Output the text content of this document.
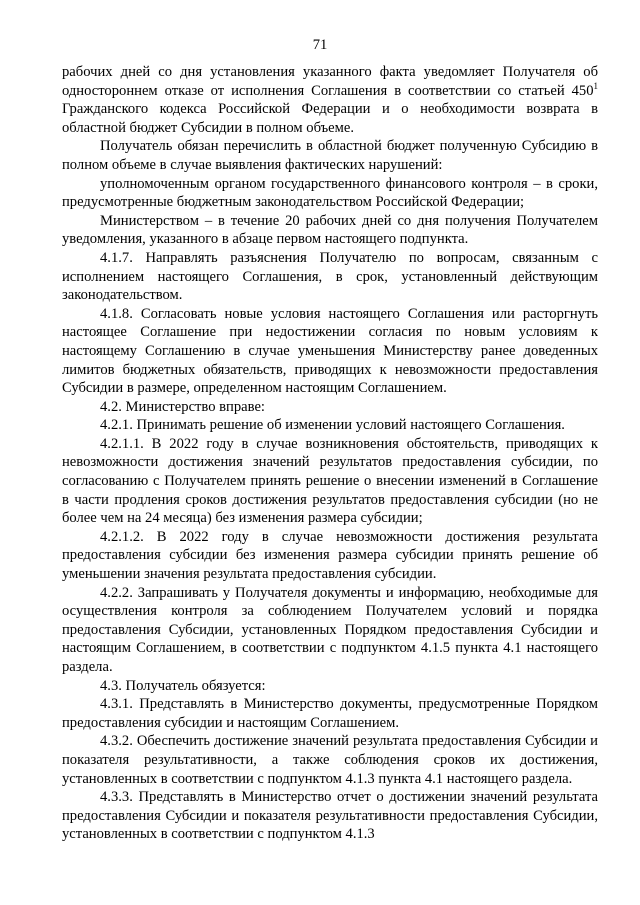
71

рабочих дней со дня установления указанного факта уведомляет Получателя об одностороннем отказе от исполнения Соглашения в соответствии со статьей $450^1$ Гражданского кодекса Российской Федерации и о необходимости возврата в областной бюджет Субсидии в полном объеме.

Получатель обязан перечислить в областной бюджет полученную Субсидию в полном объеме в случае выявления фактических нарушений:

уполномоченным органом государственного финансового контроля – в сроки, предусмотренные бюджетным законодательством Российской Федерации;

Министерством – в течение 20 рабочих дней со дня получения Получателем уведомления, указанного в абзаце первом настоящего подпункта.

4.1.7. Направлять разъяснения Получателю по вопросам, связанным с исполнением настоящего Соглашения, в срок, установленный действующим законодательством.

4.1.8. Согласовать новые условия настоящего Соглашения или расторгнуть настоящее Соглашение при недостижении согласия по новым условиям к настоящему Соглашению в случае уменьшения Министерству ранее доведенных лимитов бюджетных обязательств, приводящих к невозможности предоставления Субсидии в размере, определенном настоящим Соглашением.

4.2. Министерство вправе:

4.2.1. Принимать решение об изменении условий настоящего Соглашения.

4.2.1.1. В 2022 году в случае возникновения обстоятельств, приводящих к невозможности достижения значений результатов предоставления субсидии, по согласованию с Получателем принять решение о внесении изменений в Соглашение в части продления сроков достижения результатов предоставления субсидии (но не более чем на 24 месяца) без изменения размера субсидии;

4.2.1.2. В 2022 году в случае невозможности достижения результата предоставления субсидии без изменения размера субсидии принять решение об уменьшении значения результата предоставления субсидии.

4.2.2. Запрашивать у Получателя документы и информацию, необходимые для осуществления контроля за соблюдением Получателем условий и порядка предоставления Субсидии, установленных Порядком предоставления Субсидии и настоящим Соглашением, в соответствии с подпунктом 4.1.5 пункта 4.1 настоящего раздела.

4.3. Получатель обязуется:

4.3.1. Представлять в Министерство документы, предусмотренные Порядком предоставления субсидии и настоящим Соглашением.

4.3.2. Обеспечить достижение значений результата предоставления Субсидии и показателя результативности, а также соблюдения сроков их достижения, установленных в соответствии с подпунктом 4.1.3 пункта 4.1 настоящего раздела.

4.3.3. Представлять в Министерство отчет о достижении значений результата предоставления Субсидии и показателя результативности предоставления Субсидии, установленных в соответствии с подпунктом 4.1.3
